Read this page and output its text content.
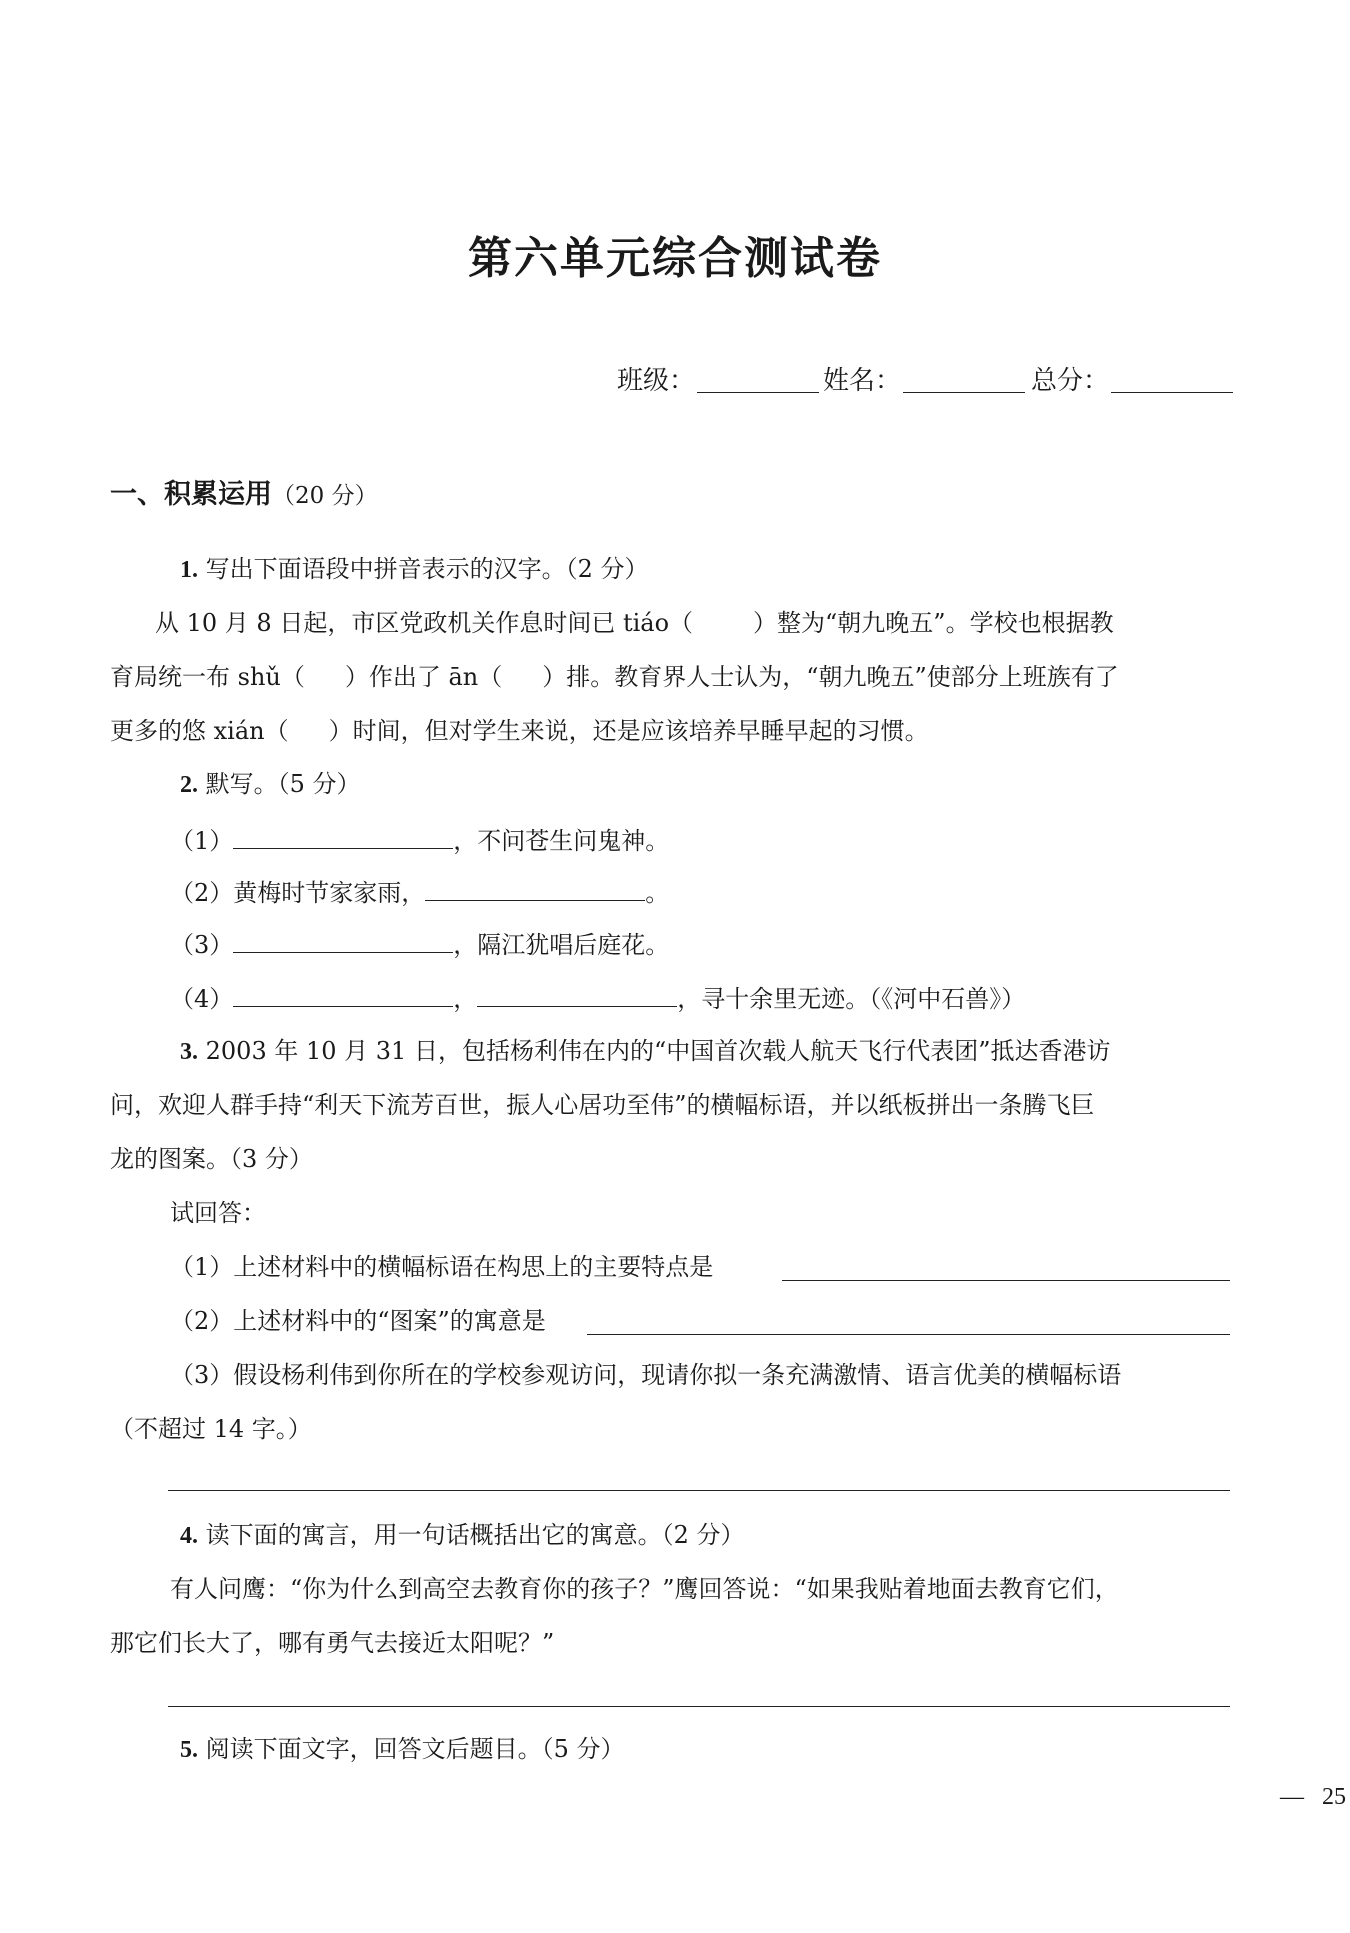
第六单元综合测试卷
班级：	姓名：	总分：
一、积累运用（20 分）
1. 写出下面语段中拼音表示的汉字。（2 分）
从 10 月 8 日起，市区党政机关作息时间已 tiáo（	）整为“朝九晚五”。学校也根据教
育局统一布 shǔ（ ）作出了 ān（ ）排。教育界人士认为，“朝九晚五”使部分上班族有了
更多的悠 xián（ ）时间，但对学生来说，还是应该培养早睡早起的习惯。
2. 默写。（5 分）
（1）	，不问苍生问鬼神。
（2）黄梅时节家家雨，	。
（3）	，隔江犹唱后庭花。
（4）	，	，寻十余里无迹。（《河中石兽》）
3. 2003 年 10 月 31 日，包括杨利伟在内的“中国首次载人航天飞行代表团”抵达香港访
问，欢迎人群手持“利天下流芳百世，振人心居功至伟”的横幅标语，并以纸板拼出一条腾飞巨
龙的图案。（3 分）
试回答：
（1）上述材料中的横幅标语在构思上的主要特点是
（2）上述材料中的“图案”的寓意是
（3）假设杨利伟到你所在的学校参观访问，现请你拟一条充满激情、语言优美的横幅标语
（不超过 14 字。）
4. 读下面的寓言，用一句话概括出它的寓意。（2 分）
有人问鹰：“你为什么到高空去教育你的孩子？”鹰回答说：“如果我贴着地面去教育它们，
那它们长大了，哪有勇气去接近太阳呢？”
5. 阅读下面文字，回答文后题目。（5 分）
— 25
